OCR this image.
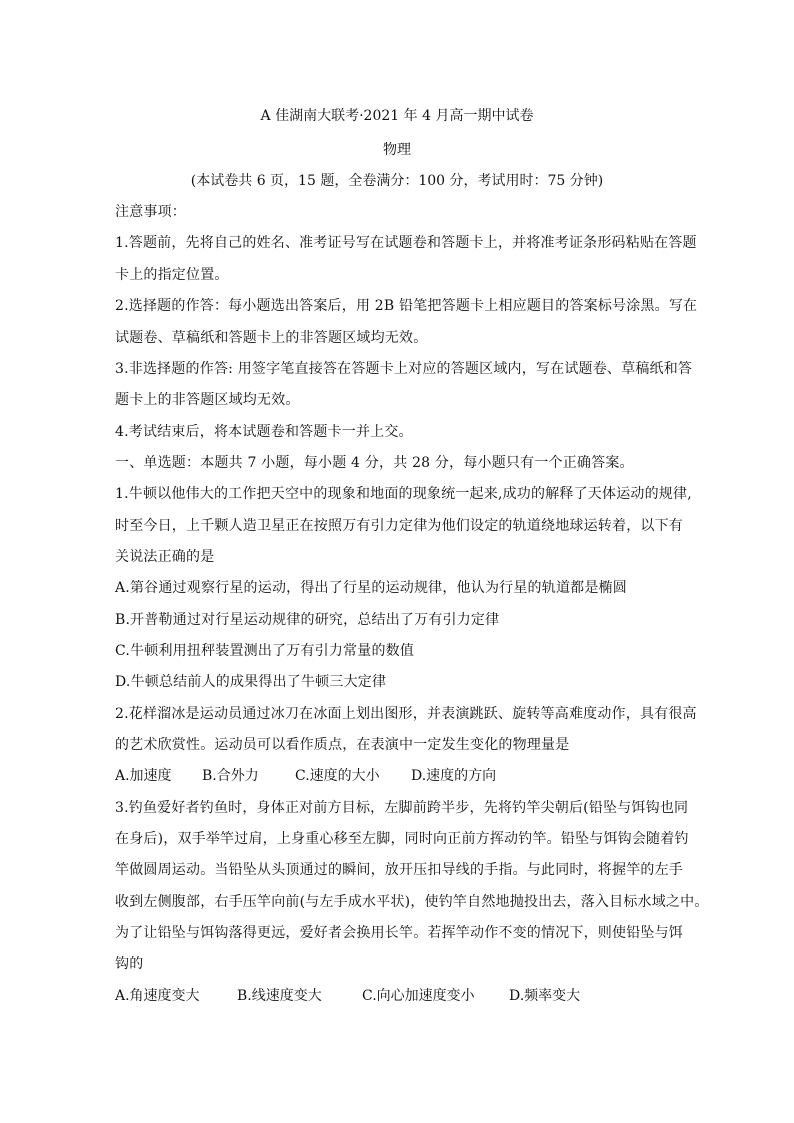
A 佳湖南大联考·2021 年 4 月高一期中试卷
物理
(本试卷共 6 页，15 题，全卷满分：100 分，考试用时：75 分钟)
注意事项：
1.答题前，先将自己的姓名、准考证号写在试题卷和答题卡上，并将准考证条形码粘贴在答题
卡上的指定位置。
2.选择题的作答：每小题选出答案后，用 2B 铅笔把答题卡上相应题目的答案标号涂黑。写在
试题卷、草稿纸和答题卡上的非答题区域均无效。
3.非选择题的作答: 用签字笔直接答在答题卡上对应的答题区域内，写在试题卷、草稿纸和答
题卡上的非答题区域均无效。
4.考试结束后，将本试题卷和答题卡一并上交。
一、单选题：本题共 7 小题，每小题 4 分，共 28 分，每小题只有一个正确答案。
1.牛顿以他伟大的工作把天空中的现象和地面的现象统一起来,成功的解释了天体运动的规律,
时至今日，上千颗人造卫星正在按照万有引力定律为他们设定的轨道绕地球运转着，以下有
关说法正确的是
A.第谷通过观察行星的运动，得出了行星的运动规律，他认为行星的轨道都是椭圆
B.开普勒通过对行星运动规律的研究，总结出了万有引力定律
C.牛顿利用扭秤装置测出了万有引力常量的数值
D.牛顿总结前人的成果得出了牛顿三大定律
2.花样溜冰是运动员通过冰刀在冰面上划出图形，并表演跳跃、旋转等高难度动作，具有很高
的艺术欣赏性。运动员可以看作质点，在表演中一定发生变化的物理量是
A.加速度 B.合外力	C.速度的大小 D.速度的方向
3.钓鱼爱好者钓鱼时，身体正对前方目标，左脚前跨半步，先将钓竿尖朝后(铅坠与饵钩也同
在身后)，双手举竿过肩，上身重心移至左脚，同时向正前方挥动钓竿。铅坠与饵钩会随着钓
竿做圆周运动。当铅坠从头顶通过的瞬间，放开压扣导线的手指。与此同时，将握竿的左手
收到左侧腹部，右手压竿向前(与左手成水平状)，使钓竿自然地抛投出去，落入目标水域之中。
为了让铅坠与饵钩落得更远，爱好者会换用长竿。若挥竿动作不变的情况下，则使铅坠与饵
钩的
A.角速度变大	B.线速度变大	C.向心加速度变小 D.频率变大
